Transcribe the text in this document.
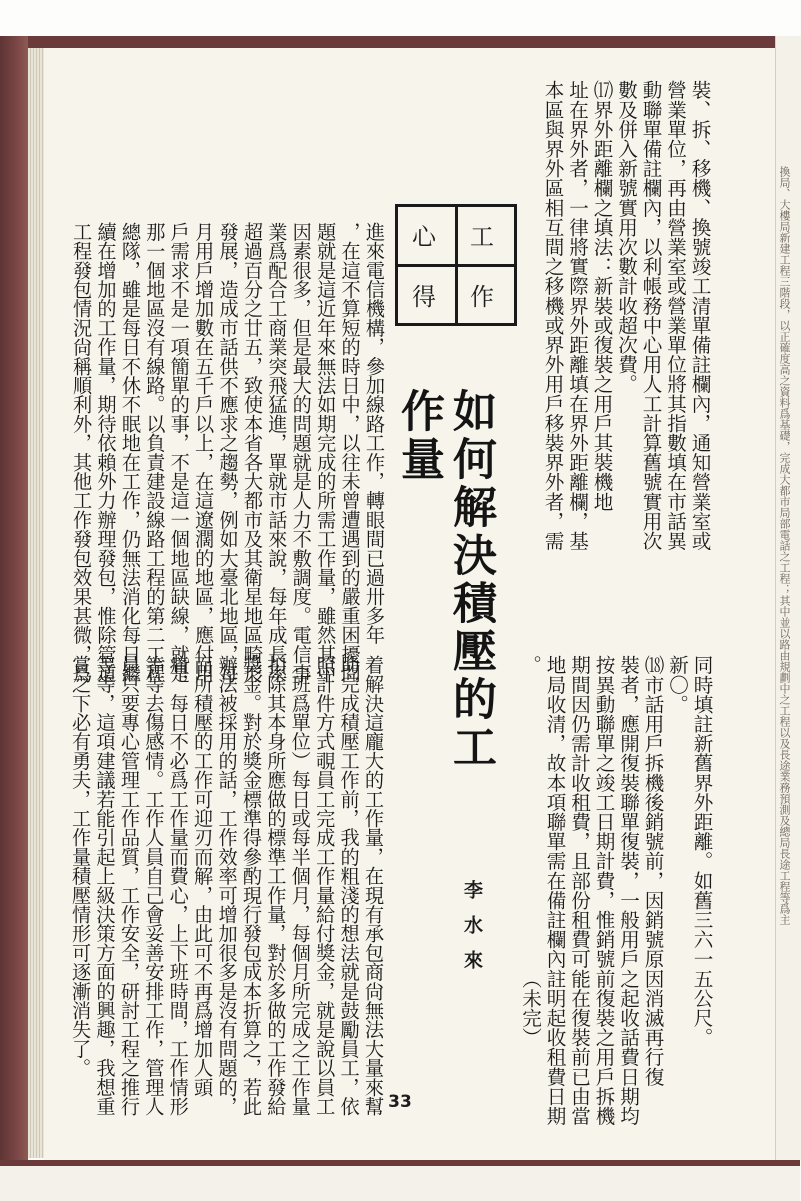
換局、大樓局新建工程三階段，以正確度高之資料爲基礎，完成大都市局部電話之工程；其中並以路由規劃中之工程以及長途業務預測及總局長途工程等爲主
裝、拆、移機、換號竣工清單備註欄內，通知營業室或
營業單位，再由營業室或營業單位將其指數填在市話異
動聯單備註欄內，以利帳務中心用人工計算舊號實用次
數及併入新號實用次數計收超次費。
⒄界外距離欄之填法：新裝或復裝之用戶其裝機地
址在界外者，一律將實際界外距離填在界外距離欄，基
本區與界外區相互間之移機或界外用戶移裝界外者，需
同時填註新舊界外距離。如舊三六一五公尺。
新〇。
⒅市話用戶拆機後銷號前，因銷號原因消滅再行復
裝者，應開復裝聯單復裝，一般用戶之起收話費日期均
按異動聯單之竣工日期計費，惟銷號前復裝之用戶拆機
期間因仍需計收租費，且部份租費可能在復裝前已由當
地局收清，故本項聯單需在備註欄內註明起收租費日期
。　　　　　　　　　　　　　　　　
工
心
作
得
如何解決積壓的工作量
李水來
進來電信機構，參加線路工作，轉眼間已過卅多年
，在這不算短的時日中，以往未曾遭遇到的嚴重困擾問
題就是這近年來無法如期完成的所需工作量，雖然其中
因素很多，但是最大的問題就是人力不敷調度。電信事
業爲配合工商業突飛猛進，單就市話來說，每年成長率
超過百分之廿五，致使本省各大都市及其衛星地區畸形
發展，造成市話供不應求之趨勢，例如大臺北地區，每
月用戶增加數在五千戶以上，在這遼濶的地區，應付用
戶需求不是一項簡單的事，不是這一個地區缺線，就是
那一個地區沒有線路。以負責建設線路工程的第二工程
總隊，雖是每日不休不眠地在工作，仍無法消化每日繼
續在增加的工作量，期待依賴外力辦理發包，惟除管道
工程發包情況尙稱順利外，其他工作發包效果甚微，爲
着解決這龐大的工作量，在現有承包商尙無法大量來幫
助完成積壓工作前，我的粗淺的想法就是鼓勵員工，依
照計件方式覗員工完成工作量給付獎金，就是說以員工
（班爲單位）每日或每半個月，每個月所完成之工作量
扣除其本身所應做的標準工作量，對於多做的工作發給
獎金。對於獎金標準得參酌現行發包成本折算之，若此
辦法被採用的話，工作效率可增加很多是沒有問題的，
而所積壓的工作可迎刃而解，由此可不再爲增加人頭
痛，每日不必爲工作量而費心，上下班時間，工作情形
等等去傷感情。工作人員自己會妥善安排工作，管理人
員只要專心管理工作品質，工作安全，研討工程之推行
等等，這項建議若能引起上級決策方面的興趣，我想重
賞之下必有勇夫，工作量積壓情形可逐漸消失了。
33
